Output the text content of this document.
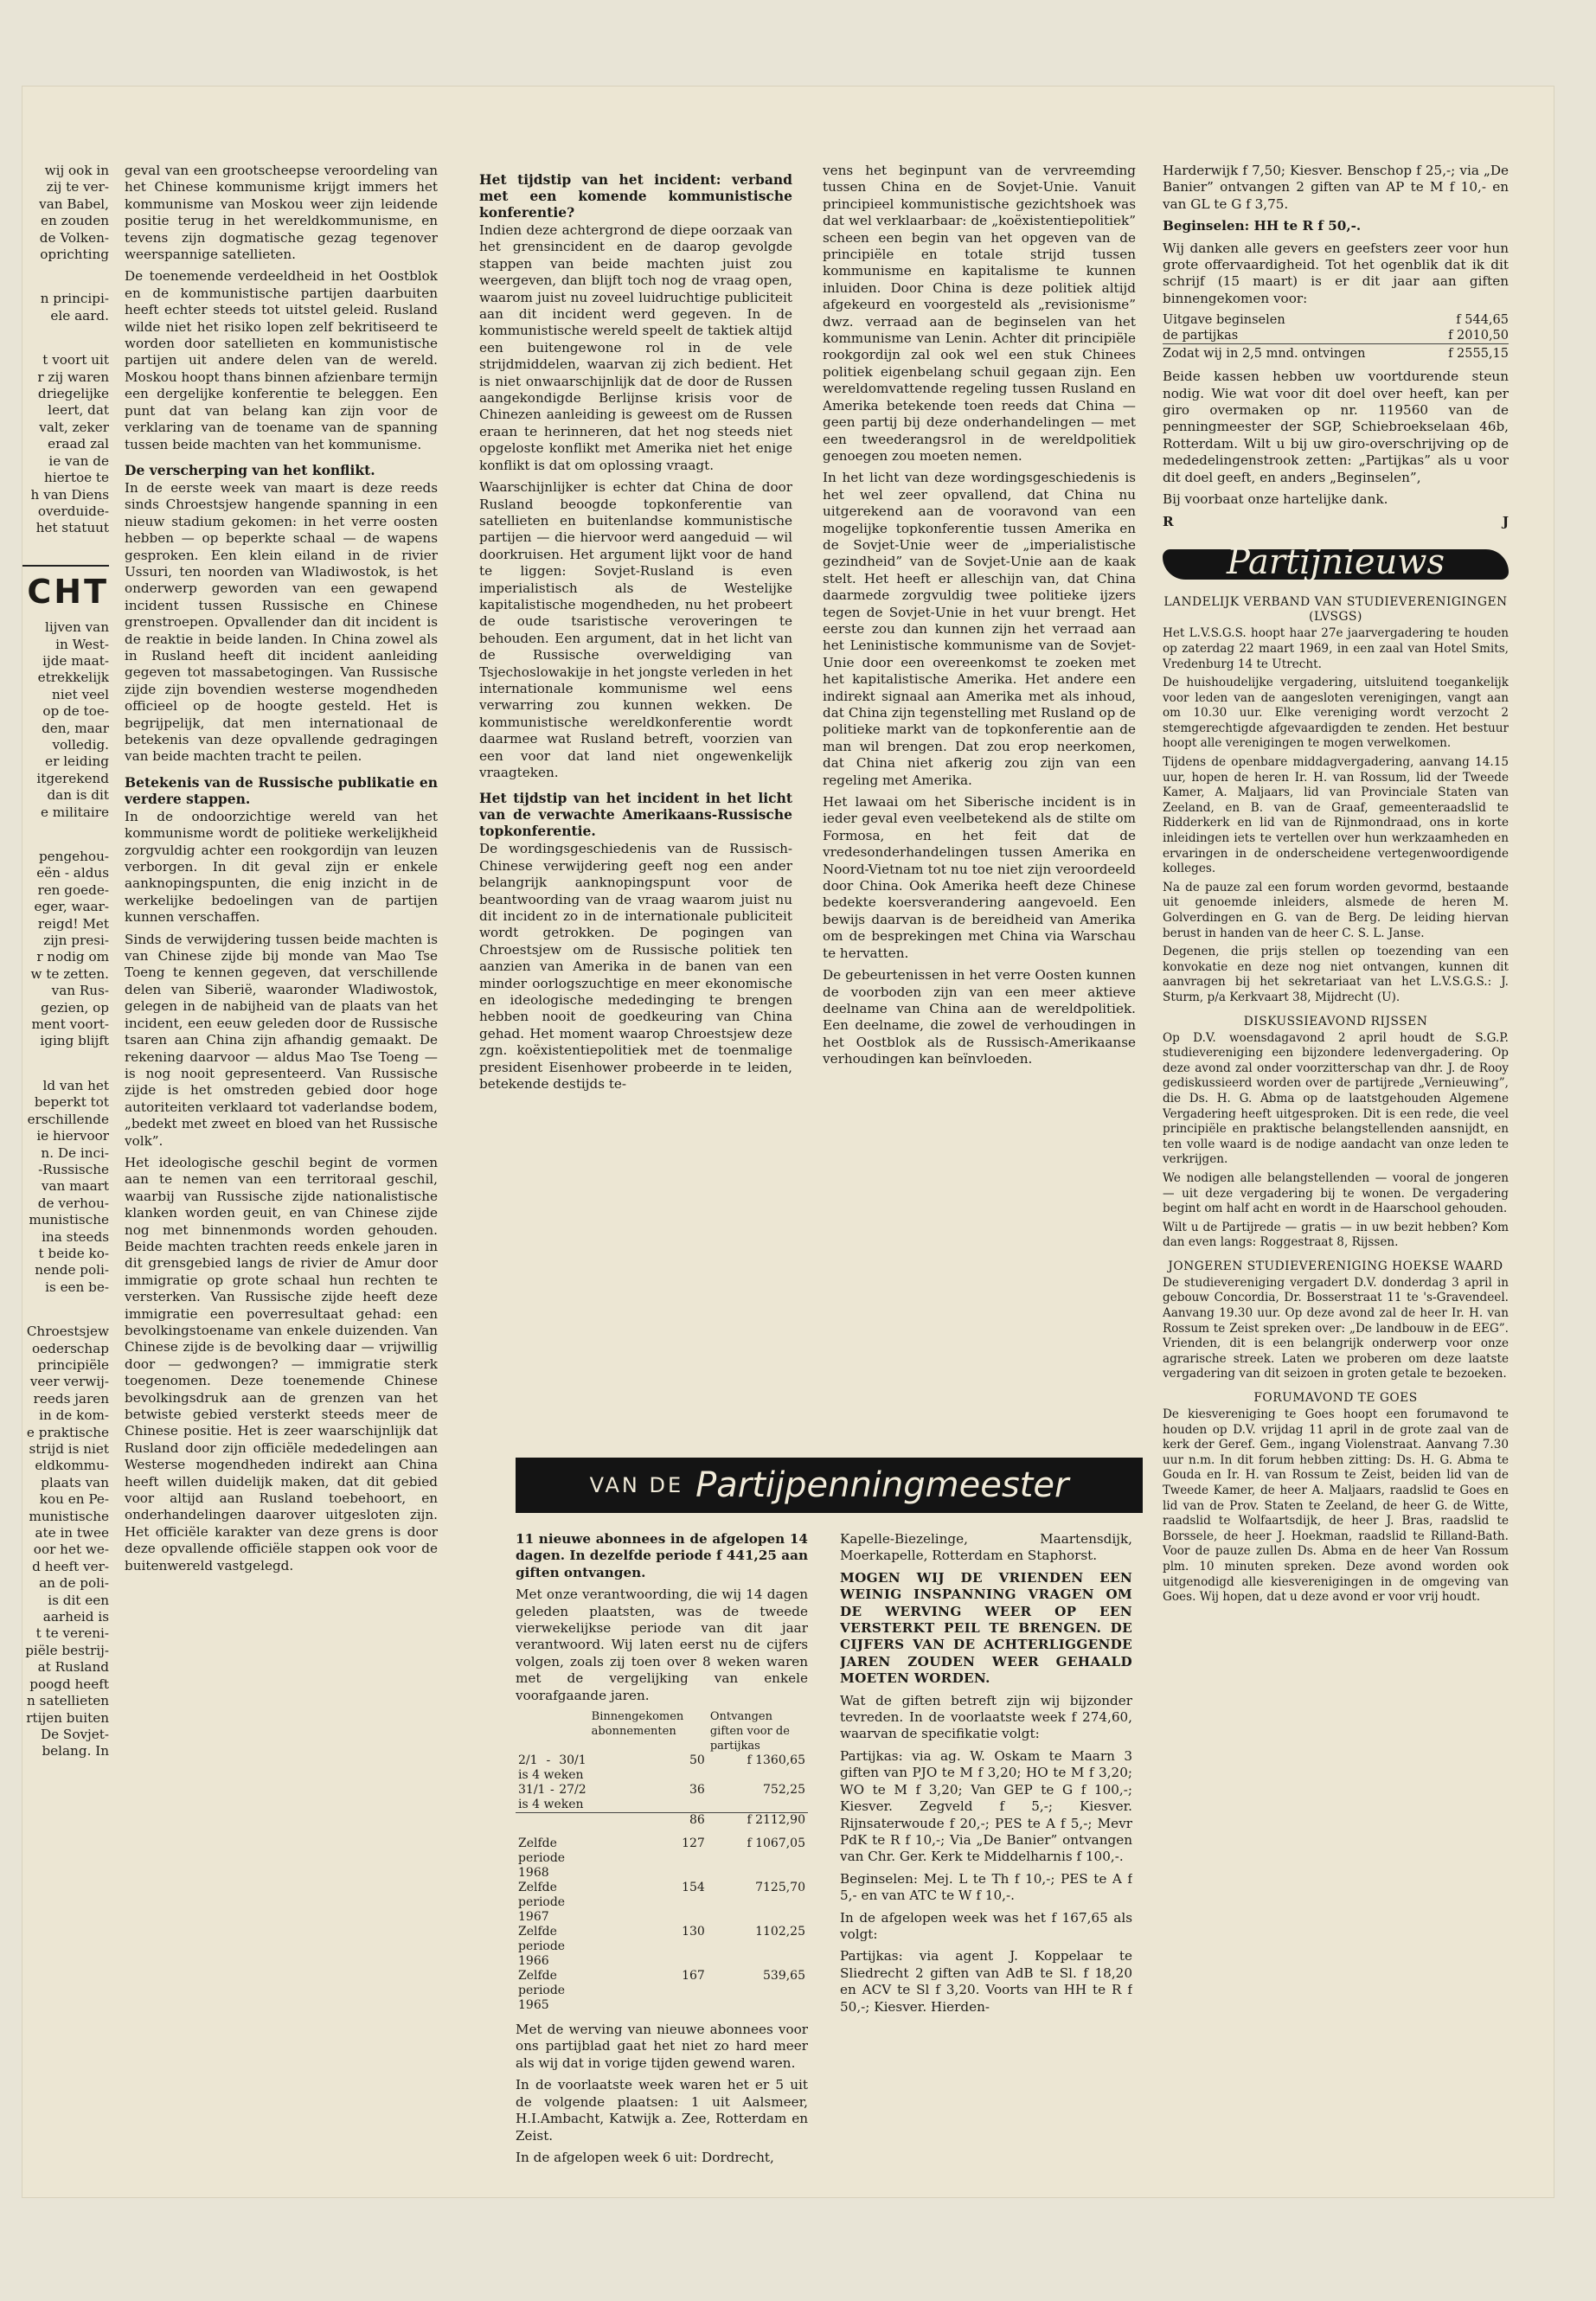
wij ook in
zij te ver-
van Babel,
en zouden
de Volken-
oprichting
n principi-
ele aard.
t voort uit
r zij waren
driegelijke
leert, dat
valt, zeker
eraad zal
ie van de
hiertoe te
h van Diens
overduide-
het statuut
CHT
lijven van
in West-
ijde maat-
etrekkelijk
niet veel
op de toe-
den, maar
volledig.
er leiding
itgerekend
dan is dit
e militaire
pengehou-
eën - aldus
ren goede-
eger, waar-
reigd! Met
zijn presi-
r nodig om
w te zetten.
van Rus-
gezien, op
ment voort-
iging blijft
ld van het
beperkt tot
erschillende
ie hiervoor
n. De inci-
-Russische
van maart
de verhou-
munistische
ina steeds
t beide ko-
nende poli-
is een be-
Chroestsjew
oederschap
principiële
veer verwij-
reeds jaren
in de kom-
e praktische
strijd is niet
eldkommu-
plaats van
kou en Pe-
munistische
ate in twee
oor het we-
d heeft ver-
an de poli-
is dit een
aarheid is
t te vereni-
piële bestrij-
at Rusland
poogd heeft
n satellieten
rtijen buiten
De Sovjet-
belang. In

geval van een grootscheepse veroordeling van het Chinese kommunisme krijgt immers het kommunisme van Moskou weer zijn leidende positie terug in het wereldkommunisme, en tevens zijn dogmatische gezag tegenover weerspannige satellieten.

De toenemende verdeeldheid in het Oostblok en de kommunistische partijen daarbuiten heeft echter steeds tot uitstel geleid. Rusland wilde niet het risiko lopen zelf bekritiseerd te worden door satellieten en kommunistische partijen uit andere delen van de wereld. Moskou hoopt thans binnen afzienbare termijn een dergelijke konferentie te beleggen. Een punt dat van belang kan zijn voor de verklaring van de toename van de spanning tussen beide machten van het kommunisme.

De verscherping van het konflikt.

In de eerste week van maart is deze reeds sinds Chroestsjew hangende spanning in een nieuw stadium gekomen: in het verre oosten hebben — op beperkte schaal — de wapens gesproken. Een klein eiland in de rivier Ussuri, ten noorden van Wladiwostok, is het onderwerp geworden van een gewapend incident tussen Russische en Chinese grenstroepen. Opvallender dan dit incident is de reaktie in beide landen. In China zowel als in Rusland heeft dit incident aanleiding gegeven tot massabetogingen. Van Russische zijde zijn bovendien westerse mogendheden officieel op de hoogte gesteld. Het is begrijpelijk, dat men internationaal de betekenis van deze opvallende gedragingen van beide machten tracht te peilen.

Betekenis van de Russische publikatie en verdere stappen.

In de ondoorzichtige wereld van het kommunisme wordt de politieke werkelijkheid zorgvuldig achter een rookgordijn van leuzen verborgen. In dit geval zijn er enkele aanknopingspunten, die enig inzicht in de werkelijke bedoelingen van de partijen kunnen verschaffen.

Sinds de verwijdering tussen beide machten is van Chinese zijde bij monde van Mao Tse Toeng te kennen gegeven, dat verschillende delen van Siberië, waaronder Wladiwostok, gelegen in de nabijheid van de plaats van het incident, een eeuw geleden door de Russische tsaren aan China zijn afhandig gemaakt. De rekening daarvoor — aldus Mao Tse Toeng — is nog nooit gepresenteerd. Van Russische zijde is het omstreden gebied door hoge autoriteiten verklaard tot vaderlandse bodem, „bedekt met zweet en bloed van het Russische volk”.

Het ideologische geschil begint de vormen aan te nemen van een territoraal geschil, waarbij van Russische zijde nationalistische klanken worden geuit, en van Chinese zijde nog met binnenmonds worden gehouden. Beide machten trachten reeds enkele jaren in dit grensgebied langs de rivier de Amur door immigratie op grote schaal hun rechten te versterken. Van Russische zijde heeft deze immigratie een poverresultaat gehad: een bevolkingstoename van enkele duizenden. Van Chinese zijde is de bevolking daar — vrijwillig door — gedwongen? — immigratie sterk toegenomen. Deze toenemende Chinese bevolkingsdruk aan de grenzen van het betwiste gebied versterkt steeds meer de Chinese positie. Het is zeer waarschijnlijk dat Rusland door zijn officiële mededelingen aan Westerse mogendheden indirekt aan China heeft willen duidelijk maken, dat dit gebied voor altijd aan Rusland toebehoort, en onderhandelingen daarover uitgesloten zijn. Het officiële karakter van deze grens is door deze opvallende officiële stappen ook voor de buitenwereld vastgelegd.

Het tijdstip van het incident: verband met een komende kommunistische konferentie?

Indien deze achtergrond de diepe oorzaak van het grensincident en de daarop gevolgde stappen van beide machten juist zou weergeven, dan blijft toch nog de vraag open, waarom juist nu zoveel luidruchtige publiciteit aan dit incident werd gegeven. In de kommunistische wereld speelt de taktiek altijd een buitengewone rol in de vele strijdmiddelen, waarvan zij zich bedient. Het is niet onwaarschijnlijk dat de door de Russen aangekondigde Berlijnse krisis voor de Chinezen aanleiding is geweest om de Russen eraan te herinneren, dat het nog steeds niet opgeloste konflikt met Amerika niet het enige konflikt is dat om oplossing vraagt.

Waarschijnlijker is echter dat China de door Rusland beoogde topkonferentie van satellieten en buitenlandse kommunistische partijen — die hiervoor werd aangeduid — wil doorkruisen. Het argument lijkt voor de hand te liggen: Sovjet-Rusland is even imperialistisch als de Westelijke kapitalistische mogendheden, nu het probeert de oude tsaristische veroveringen te behouden. Een argument, dat in het licht van de Russische overweldiging van Tsjechoslowakije in het jongste verleden in het internationale kommunisme wel eens verwarring zou kunnen wekken. De kommunistische wereldkonferentie wordt daarmee wat Rusland betreft, voorzien van een voor dat land niet ongewenkelijk vraagteken.

Het tijdstip van het incident in het licht van de verwachte Amerikaans-Russische topkonferentie.

De wordingsgeschiedenis van de Russisch-Chinese verwijdering geeft nog een ander belangrijk aanknopingspunt voor de beantwoording van de vraag waarom juist nu dit incident zo in de internationale publiciteit wordt getrokken. De pogingen van Chroestsjew om de Russische politiek ten aanzien van Amerika in de banen van een minder oorlogszuchtige en meer ekonomische en ideologische mededinging te brengen hebben nooit de goedkeuring van China gehad. Het moment waarop Chroestsjew deze zgn. koëxistentiepolitiek met de toenmalige president Eisenhower probeerde in te leiden, betekende destijds te-

vens het beginpunt van de vervreemding tussen China en de Sovjet-Unie. Vanuit principieel kommunistische gezichtshoek was dat wel verklaarbaar: de „koëxistentiepolitiek” scheen een begin van het opgeven van de principiële en totale strijd tussen kommunisme en kapitalisme te kunnen inluiden. Door China is deze politiek altijd afgekeurd en voorgesteld als „revisionisme” dwz. verraad aan de beginselen van het kommunisme van Lenin. Achter dit principiële rookgordijn zal ook wel een stuk Chinees politiek eigenbelang schuil gegaan zijn. Een wereldomvattende regeling tussen Rusland en Amerika betekende toen reeds dat China — geen partij bij deze onderhandelingen — met een tweederangsrol in de wereldpolitiek genoegen zou moeten nemen.

In het licht van deze wordingsgeschiedenis is het wel zeer opvallend, dat China nu uitgerekend aan de vooravond van een mogelijke topkonferentie tussen Amerika en de Sovjet-Unie weer de „imperialistische gezindheid” van de Sovjet-Unie aan de kaak stelt. Het heeft er alleschijn van, dat China daarmede zorgvuldig twee politieke ijzers tegen de Sovjet-Unie in het vuur brengt. Het eerste zou dan kunnen zijn het verraad aan het Leninistische kommunisme van de Sovjet-Unie door een overeenkomst te zoeken met het kapitalistische Amerika. Het andere een indirekt signaal aan Amerika met als inhoud, dat China zijn tegenstelling met Rusland op de politieke markt van de topkonferentie aan de man wil brengen. Dat zou erop neerkomen, dat China niet afkerig zou zijn van een regeling met Amerika.

Het lawaai om het Siberische incident is in ieder geval even veelbetekend als de stilte om Formosa, en het feit dat de vredesonderhandelingen tussen Amerika en Noord-Vietnam tot nu toe niet zijn veroordeeld door China. Ook Amerika heeft deze Chinese bedekte koersverandering aangevoeld. Een bewijs daarvan is de bereidheid van Amerika om de besprekingen met China via Warschau te hervatten.

De gebeurtenissen in het verre Oosten kunnen de voorboden zijn van een meer aktieve deelname van China aan de wereldpolitiek. Een deelname, die zowel de verhoudingen in het Oostblok als de Russisch-Amerikaanse verhoudingen kan beïnvloeden.

VAN DE Partijpenningmeester

11 nieuwe abonnees in de afgelopen 14 dagen. In dezelfde periode f 441,25 aan giften ontvangen.

Met onze verantwoording, die wij 14 dagen geleden plaatsten, was de tweede vierwekelijkse periode van dit jaar verantwoord. Wij laten eerst nu de cijfers volgen, zoals zij toen over 8 weken waren met de vergelijking van enkele voorafgaande jaren.

	Binnengekomen abonnementen	Ontvangen giften voor de partijkas
2/1 - 30/1 is 4 weken	50	f 1360,65
31/1 - 27/2 is 4 weken	36	752,25
	86	f 2112,90

Zelfde periode 1968	127	f 1067,05
Zelfde periode 1967	154	7125,70
Zelfde periode 1966	130	1102,25
Zelfde periode 1965	167	539,65

Met de werving van nieuwe abonnees voor ons partijblad gaat het niet zo hard meer als wij dat in vorige tijden gewend waren.

In de voorlaatste week waren het er 5 uit de volgende plaatsen: 1 uit Aalsmeer, H.I.Ambacht, Katwijk a. Zee, Rotterdam en Zeist.

In de afgelopen week 6 uit: Dordrecht,

Kapelle-Biezelinge, Maartensdijk, Moerkapelle, Rotterdam en Staphorst.

MOGEN WIJ DE VRIENDEN EEN WEINIG INSPANNING VRAGEN OM DE WERVING WEER OP EEN VERSTERKT PEIL TE BRENGEN. DE CIJFERS VAN DE ACHTERLIGGENDE JAREN ZOUDEN WEER GEHAALD MOETEN WORDEN.

Wat de giften betreft zijn wij bijzonder tevreden. In de voorlaatste week f 274,60, waarvan de specifikatie volgt:

Partijkas: via ag. W. Oskam te Maarn 3 giften van PJO te M f 3,20; HO te M f 3,20; WO te M f 3,20; Van GEP te G f 100,-; Kiesver. Zegveld f 5,-; Kiesver. Rijnsaterwoude f 20,-; PES te A f 5,-; Mevr PdK te R f 10,-; Via „De Banier” ontvangen van Chr. Ger. Kerk te Middelharnis f 100,-.

Beginselen: Mej. L te Th f 10,-; PES te A f 5,- en van ATC te W f 10,-.

In de afgelopen week was het f 167,65 als volgt:

Partijkas: via agent J. Koppelaar te Sliedrecht 2 giften van AdB te Sl. f 18,20 en ACV te Sl f 3,20. Voorts van HH te R f 50,-; Kiesver. Hierden-

Harderwijk f 7,50; Kiesver. Benschop f 25,-; via „De Banier” ontvangen 2 giften van AP te M f 10,- en van GL te G f 3,75.

Beginselen: HH te R f 50,-.

Wij danken alle gevers en geefsters zeer voor hun grote offervaardigheid. Tot het ogenblik dat ik dit schrijf (15 maart) is er dit jaar aan giften binnengekomen voor:

Uitgave beginselen	f 544,65
de partijkas	f 2010,50
Zodat wij in 2,5 mnd. ontvingen	f 2555,15

Beide kassen hebben uw voortdurende steun nodig. Wie wat voor dit doel over heeft, kan per giro overmaken op nr. 119560 van de penningmeester der SGP, Schiebroekselaan 46b, Rotterdam. Wilt u bij uw giro-overschrijving op de mededelingenstrook zetten: „Partijkas” als u voor dit doel geeft, en anders „Beginselen”,

Bij voorbaat onze hartelijke dank.

R	J
Partijnieuws
LANDELIJK VERBAND VAN STUDIEVERENIGINGEN (LVSGS)

Het L.V.S.G.S. hoopt haar 27e jaarvergadering te houden op zaterdag 22 maart 1969, in een zaal van Hotel Smits, Vredenburg 14 te Utrecht.

De huishoudelijke vergadering, uitsluitend toegankelijk voor leden van de aangesloten verenigingen, vangt aan om 10.30 uur. Elke vereniging wordt verzocht 2 stemgerechtigde afgevaardigden te zenden. Het bestuur hoopt alle verenigingen te mogen verwelkomen.

Tijdens de openbare middagvergadering, aanvang 14.15 uur, hopen de heren Ir. H. van Rossum, lid der Tweede Kamer, A. Maljaars, lid van Provinciale Staten van Zeeland, en B. van de Graaf, gemeenteraadslid te Ridderkerk en lid van de Rijnmondraad, ons in korte inleidingen iets te vertellen over hun werkzaamheden en ervaringen in de onderscheidene vertegenwoordigende kolleges.

Na de pauze zal een forum worden gevormd, bestaande uit genoemde inleiders, alsmede de heren M. Golverdingen en G. van de Berg. De leiding hiervan berust in handen van de heer C. S. L. Janse.

Degenen, die prijs stellen op toezending van een konvokatie en deze nog niet ontvangen, kunnen dit aanvragen bij het sekretariaat van het L.V.S.G.S.: J. Sturm, p/a Kerkvaart 38, Mijdrecht (U).

DISKUSSIEAVOND RIJSSEN

Op D.V. woensdagavond 2 april houdt de S.G.P. studievereniging een bijzondere ledenvergadering. Op deze avond zal onder voorzitterschap van dhr. J. de Rooy gediskussieerd worden over de partijrede „Vernieuwing”, die Ds. H. G. Abma op de laatstgehouden Algemene Vergadering heeft uitgesproken. Dit is een rede, die veel principiële en praktische belangstellenden aansnijdt, en ten volle waard is de nodige aandacht van onze leden te verkrijgen.

We nodigen alle belangstellenden — vooral de jongeren — uit deze vergadering bij te wonen. De vergadering begint om half acht en wordt in de Haarschool gehouden.

Wilt u de Partijrede — gratis — in uw bezit hebben? Kom dan even langs: Roggestraat 8, Rijssen.

JONGEREN STUDIEVERENIGING HOEKSE WAARD

De studievereniging vergadert D.V. donderdag 3 april in gebouw Concordia, Dr. Bosserstraat 11 te 's-Gravendeel. Aanvang 19.30 uur. Op deze avond zal de heer Ir. H. van Rossum te Zeist spreken over: „De landbouw in de EEG”. Vrienden, dit is een belangrijk onderwerp voor onze agrarische streek. Laten we proberen om deze laatste vergadering van dit seizoen in groten getale te bezoeken.

FORUMAVOND TE GOES

De kiesvereniging te Goes hoopt een forumavond te houden op D.V. vrijdag 11 april in de grote zaal van de kerk der Geref. Gem., ingang Violenstraat. Aanvang 7.30 uur n.m. In dit forum hebben zitting: Ds. H. G. Abma te Gouda en Ir. H. van Rossum te Zeist, beiden lid van de Tweede Kamer, de heer A. Maljaars, raadslid te Goes en lid van de Prov. Staten te Zeeland, de heer G. de Witte, raadslid te Wolfaartsdijk, de heer J. Bras, raadslid te Borssele, de heer J. Hoekman, raadslid te Rilland-Bath. Voor de pauze zullen Ds. Abma en de heer Van Rossum plm. 10 minuten spreken. Deze avond worden ook uitgenodigd alle kiesverenigingen in de omgeving van Goes. Wij hopen, dat u deze avond er voor vrij houdt.
